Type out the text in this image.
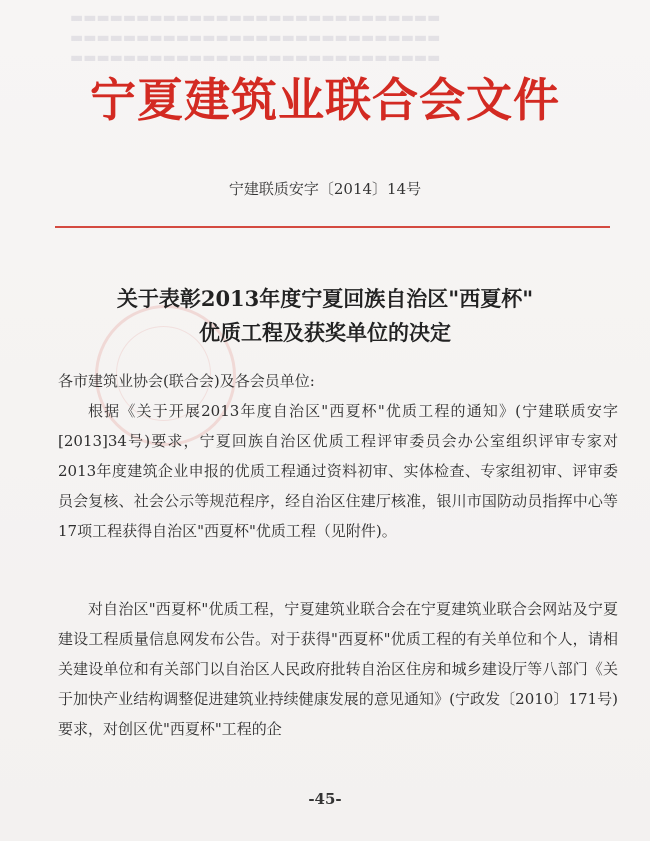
▬▬▬▬▬▬▬▬▬▬▬▬▬▬▬▬▬▬▬▬▬▬▬▬▬▬▬▬
▬▬▬▬▬▬▬▬▬▬▬▬▬▬▬▬▬▬▬▬▬▬▬▬▬▬▬▬
▬▬▬▬▬▬▬▬▬▬▬▬▬▬▬▬▬▬▬▬▬▬▬▬▬▬▬▬
宁夏建筑业联合会文件
宁建联质安字〔2014〕14号
关于表彰2013年度宁夏回族自治区"西夏杯"
优质工程及获奖单位的决定
各市建筑业协会(联合会)及各会员单位:
根据《关于开展2013年度自治区"西夏杯"优质工程的通知》(宁建联质安字[2013]34号)要求，宁夏回族自治区优质工程评审委员会办公室组织评审专家对2013年度建筑企业申报的优质工程通过资料初审、实体检查、专家组初审、评审委员会复核、社会公示等规范程序，经自治区住建厅核准，银川市国防动员指挥中心等17项工程获得自治区"西夏杯"优质工程（见附件)。
对自治区"西夏杯"优质工程，宁夏建筑业联合会在宁夏建筑业联合会网站及宁夏建设工程质量信息网发布公告。对于获得"西夏杯"优质工程的有关单位和个人，请相关建设单位和有关部门以自治区人民政府批转自治区住房和城乡建设厅等八部门《关于加快产业结构调整促进建筑业持续健康发展的意见通知》(宁政发〔2010〕171号)要求，对创区优"西夏杯"工程的企
-45-
